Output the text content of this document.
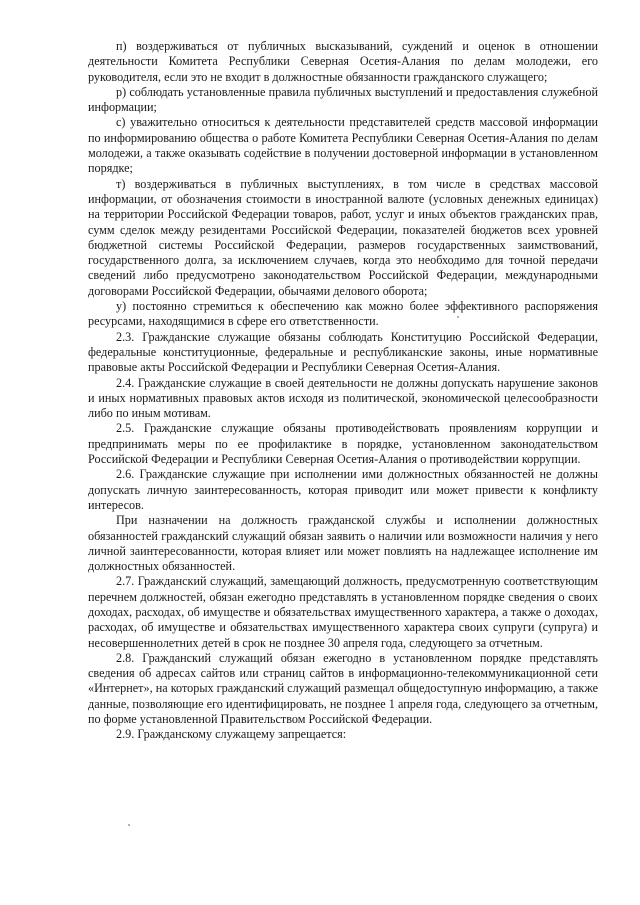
п) воздерживаться от публичных высказываний, суждений и оценок в отношении деятельности Комитета Республики Северная Осетия-Алания по делам молодежи, его руководителя, если это не входит в должностные обязанности гражданского служащего;

р) соблюдать установленные правила публичных выступлений и предоставления служебной информации;

с) уважительно относиться к деятельности представителей средств массовой информации по информированию общества о работе Комитета Республики Северная Осетия-Алания по делам молодежи, а также оказывать содействие в получении достоверной информации в установленном порядке;

т) воздерживаться в публичных выступлениях, в том числе в средствах массовой информации, от обозначения стоимости в иностранной валюте (условных денежных единицах) на территории Российской Федерации товаров, работ, услуг и иных объектов гражданских прав, сумм сделок между резидентами Российской Федерации, показателей бюджетов всех уровней бюджетной системы Российской Федерации, размеров государственных заимствований, государственного долга, за исключением случаев, когда это необходимо для точной передачи сведений либо предусмотрено законодательством Российской Федерации, международными договорами Российской Федерации, обычаями делового оборота;

у) постоянно стремиться к обеспечению как можно более эффективного распоряжения ресурсами, находящимися в сфере его ответственности.

2.3. Гражданские служащие обязаны соблюдать Конституцию Российской Федерации, федеральные конституционные, федеральные и республиканские законы, иные нормативные правовые акты Российской Федерации и Республики Северная Осетия-Алания.

2.4. Гражданские служащие в своей деятельности не должны допускать нарушение законов и иных нормативных правовых актов исходя из политической, экономической целесообразности либо по иным мотивам.

2.5. Гражданские служащие обязаны противодействовать проявлениям коррупции и предпринимать меры по ее профилактике в порядке, установленном законодательством Российской Федерации и Республики Северная Осетия-Алания о противодействии коррупции.

2.6. Гражданские служащие при исполнении ими должностных обязанностей не должны допускать личную заинтересованность, которая приводит или может привести к конфликту интересов.

При назначении на должность гражданской службы и исполнении должностных обязанностей гражданский служащий обязан заявить о наличии или возможности наличия у него личной заинтересованности, которая влияет или может повлиять на надлежащее исполнение им должностных обязанностей.

2.7. Гражданский служащий, замещающий должность, предусмотренную соответствующим перечнем должностей, обязан ежегодно представлять в установленном порядке сведения о своих доходах, расходах, об имуществе и обязательствах имущественного характера, а также о доходах, расходах, об имуществе и обязательствах имущественного характера своих супруги (супруга) и несовершеннолетних детей в срок не позднее 30 апреля года, следующего за отчетным.

2.8. Гражданский служащий обязан ежегодно в установленном порядке представлять сведения об адресах сайтов или страниц сайтов в информационно-телекоммуникационной сети «Интернет», на которых гражданский служащий размещал общедоступную информацию, а также данные, позволяющие его идентифицировать, не позднее 1 апреля года, следующего за отчетным, по форме установленной Правительством Российской Федерации.

2.9. Гражданскому служащему запрещается:
